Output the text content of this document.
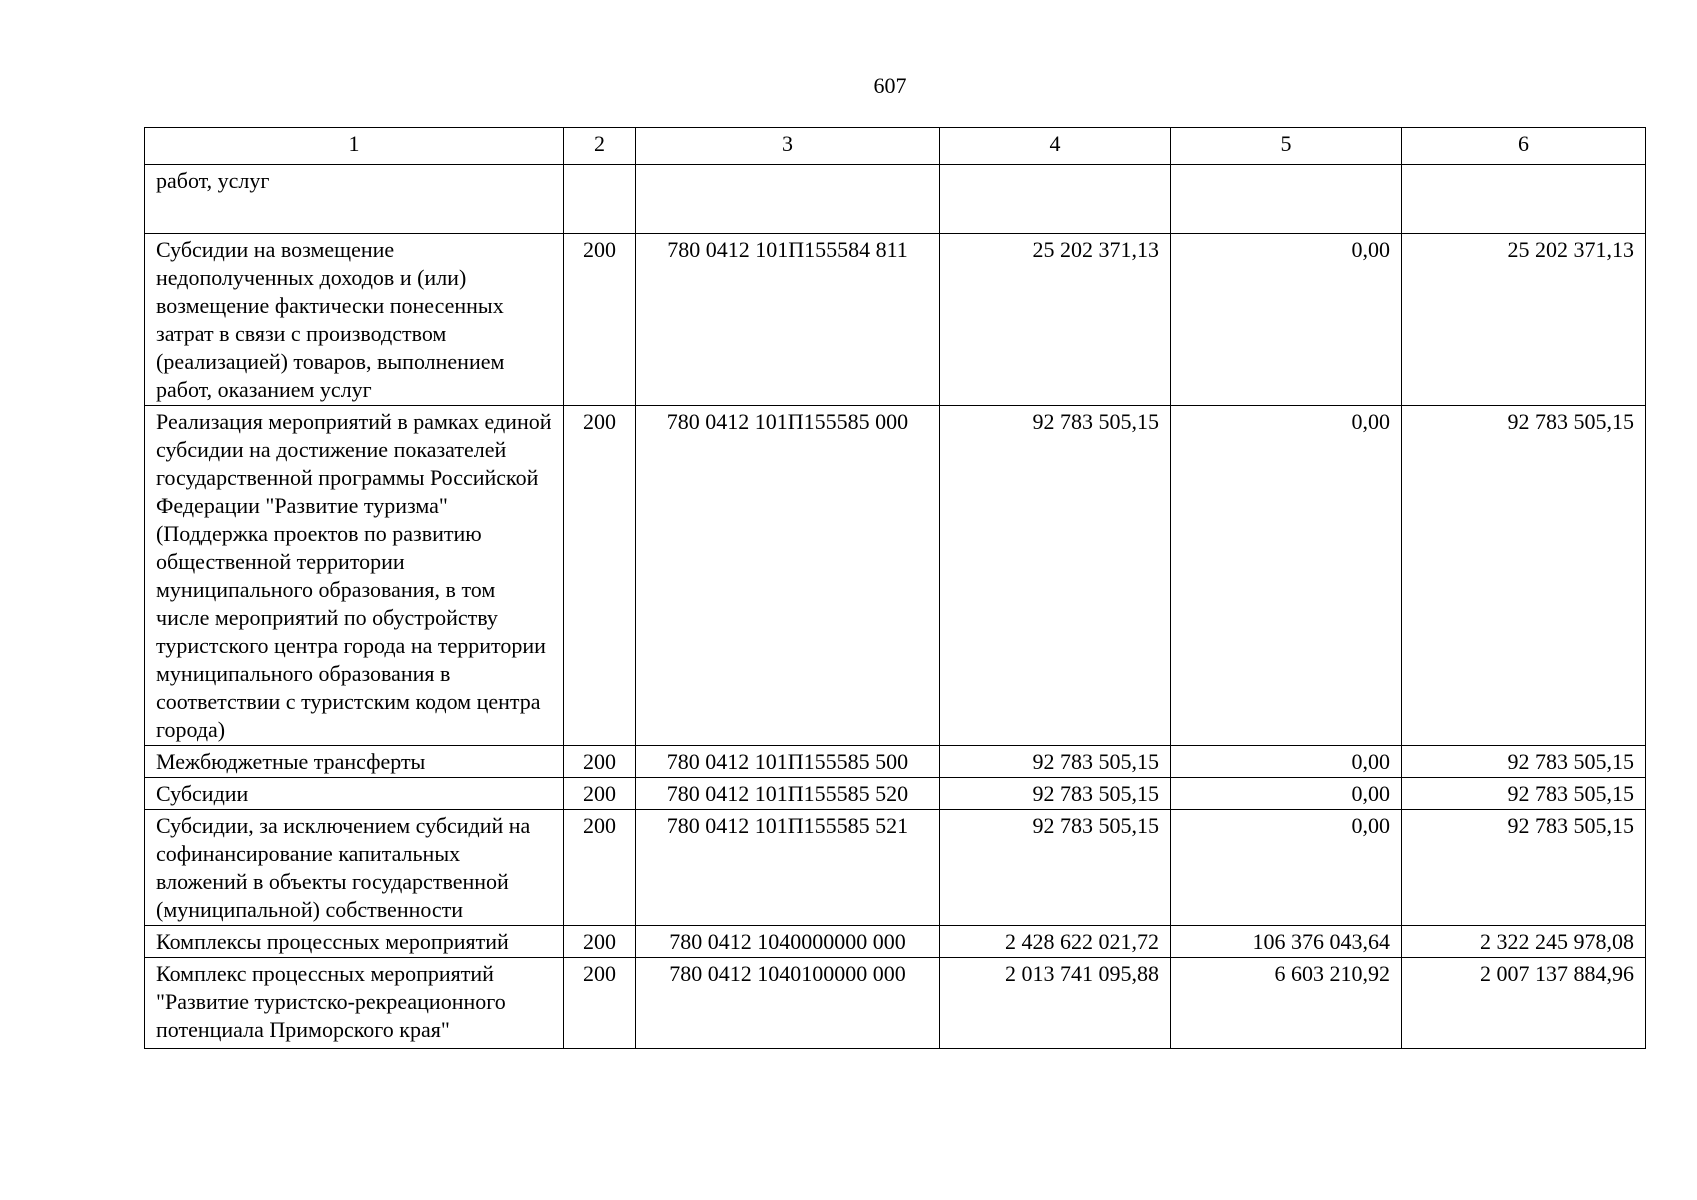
607
1	2	3	4	5	6
работ, услуг					
Субсидии на возмещение недополученных доходов и (или) возмещение фактически понесенных затрат в связи с производством (реализацией) товаров, выполнением работ, оказанием услуг	200	780 0412 101П155584 811	25 202 371,13	0,00	25 202 371,13
Реализация мероприятий в рамках единой субсидии на достижение показателей государственной программы Российской Федерации "Развитие туризма" (Поддержка проектов по развитию общественной территории муниципального образования, в том числе мероприятий по обустройству туристского центра города на территории муниципального образования в соответствии с туристским кодом центра города)	200	780 0412 101П155585 000	92 783 505,15	0,00	92 783 505,15
Межбюджетные трансферты	200	780 0412 101П155585 500	92 783 505,15	0,00	92 783 505,15
Субсидии	200	780 0412 101П155585 520	92 783 505,15	0,00	92 783 505,15
Субсидии, за исключением субсидий на софинансирование капитальных вложений в объекты государственной (муниципальной) собственности	200	780 0412 101П155585 521	92 783 505,15	0,00	92 783 505,15
Комплексы процессных мероприятий	200	780 0412 1040000000 000	2 428 622 021,72	106 376 043,64	2 322 245 978,08
Комплекс процессных мероприятий "Развитие туристско-рекреационного потенциала Приморского края"	200	780 0412 1040100000 000	2 013 741 095,88	6 603 210,92	2 007 137 884,96
